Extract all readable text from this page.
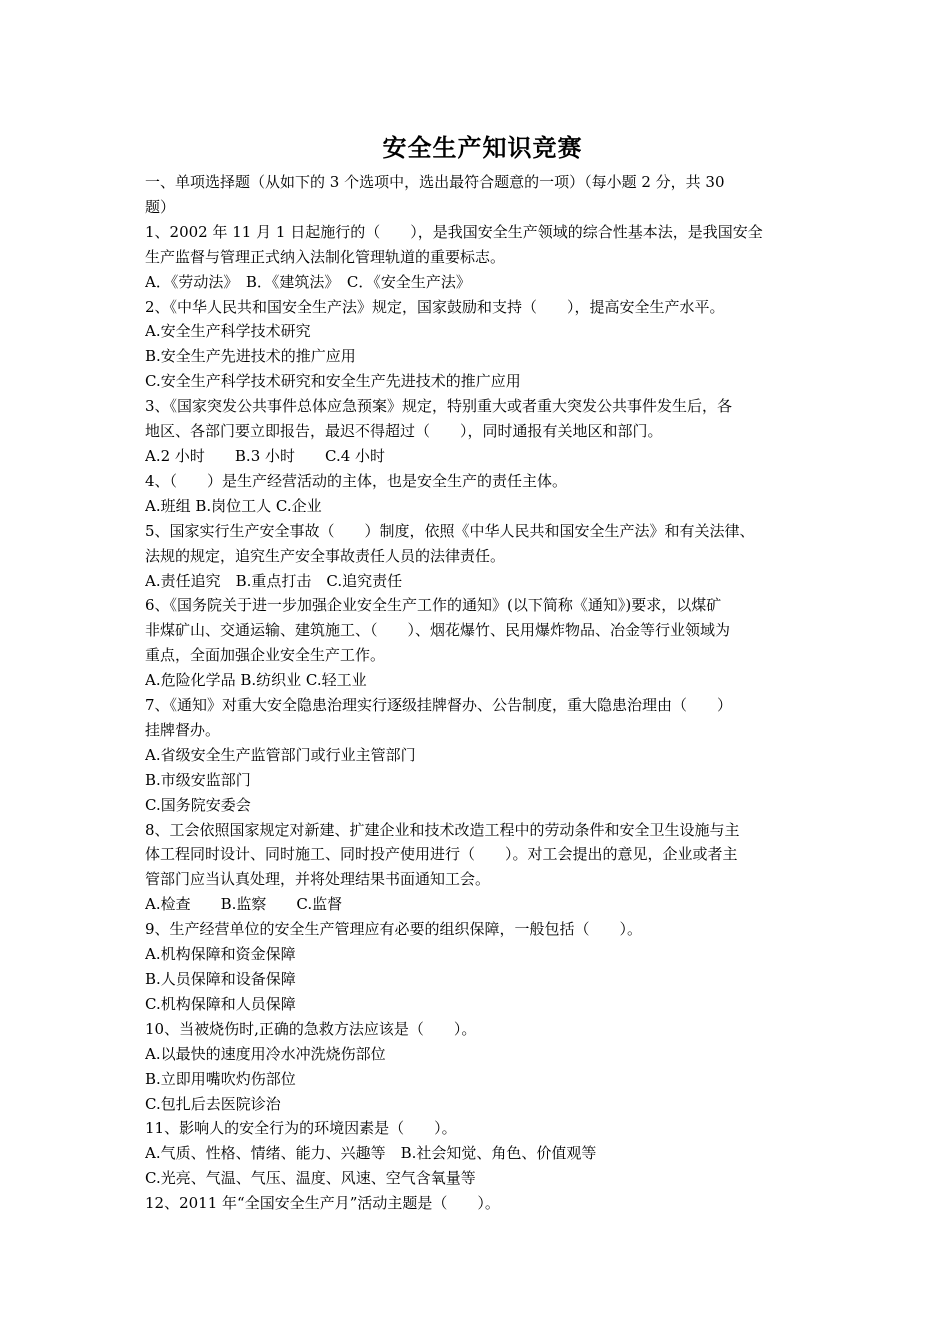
安全生产知识竞赛
一、单项选择题（从如下的 3 个选项中，选出最符合题意的一项）（每小题 2 分，共 30
题）
1、2002 年 11 月 1 日起施行的（　　），是我国安全生产领域的综合性基本法，是我国安全
生产监督与管理正式纳入法制化管理轨道的重要标志。
A．《劳动法》　B．《建筑法》　C．《安全生产法》
2、《中华人民共和国安全生产法》规定，国家鼓励和支持（　　），提高安全生产水平。
A.安全生产科学技术研究
B.安全生产先进技术的推广应用
C.安全生产科学技术研究和安全生产先进技术的推广应用
3、《国家突发公共事件总体应急预案》规定，特别重大或者重大突发公共事件发生后，各
地区、各部门要立即报告，最迟不得超过（　　），同时通报有关地区和部门。
A.2 小时　　B.3 小时　　C.4 小时
4、（　　）是生产经营活动的主体，也是安全生产的责任主体。
A.班组 B.岗位工人 C.企业
5、国家实行生产安全事故（　　）制度，依照《中华人民共和国安全生产法》和有关法律、
法规的规定，追究生产安全事故责任人员的法律责任。
A.责任追究　B.重点打击　C.追究责任
6、《国务院关于进一步加强企业安全生产工作的通知》(以下简称《通知》)要求，以煤矿
非煤矿山、交通运输、建筑施工、（　　）、烟花爆竹、民用爆炸物品、冶金等行业领域为
重点，全面加强企业安全生产工作。
A.危险化学品 B.纺织业 C.轻工业
7、《通知》对重大安全隐患治理实行逐级挂牌督办、公告制度，重大隐患治理由（　　）
挂牌督办。
A.省级安全生产监管部门或行业主管部门
B.市级安监部门
C.国务院安委会
8、工会依照国家规定对新建、扩建企业和技术改造工程中的劳动条件和安全卫生设施与主
体工程同时设计、同时施工、同时投产使用进行（　　）。对工会提出的意见，企业或者主
管部门应当认真处理，并将处理结果书面通知工会。
A.检查　　B.监察　　C.监督
9、生产经营单位的安全生产管理应有必要的组织保障，一般包括（　　）。
A.机构保障和资金保障
B.人员保障和设备保障
C.机构保障和人员保障
10、当被烧伤时,正确的急救方法应该是（　　）。
A.以最快的速度用冷水冲洗烧伤部位
B.立即用嘴吹灼伤部位
C.包扎后去医院诊治
11、影响人的安全行为的环境因素是（　　）。
A.气质、性格、情绪、能力、兴趣等　B.社会知觉、角色、价值观等
C.光亮、气温、气压、温度、风速、空气含氧量等
12、2011 年“全国安全生产月”活动主题是（　　）。
